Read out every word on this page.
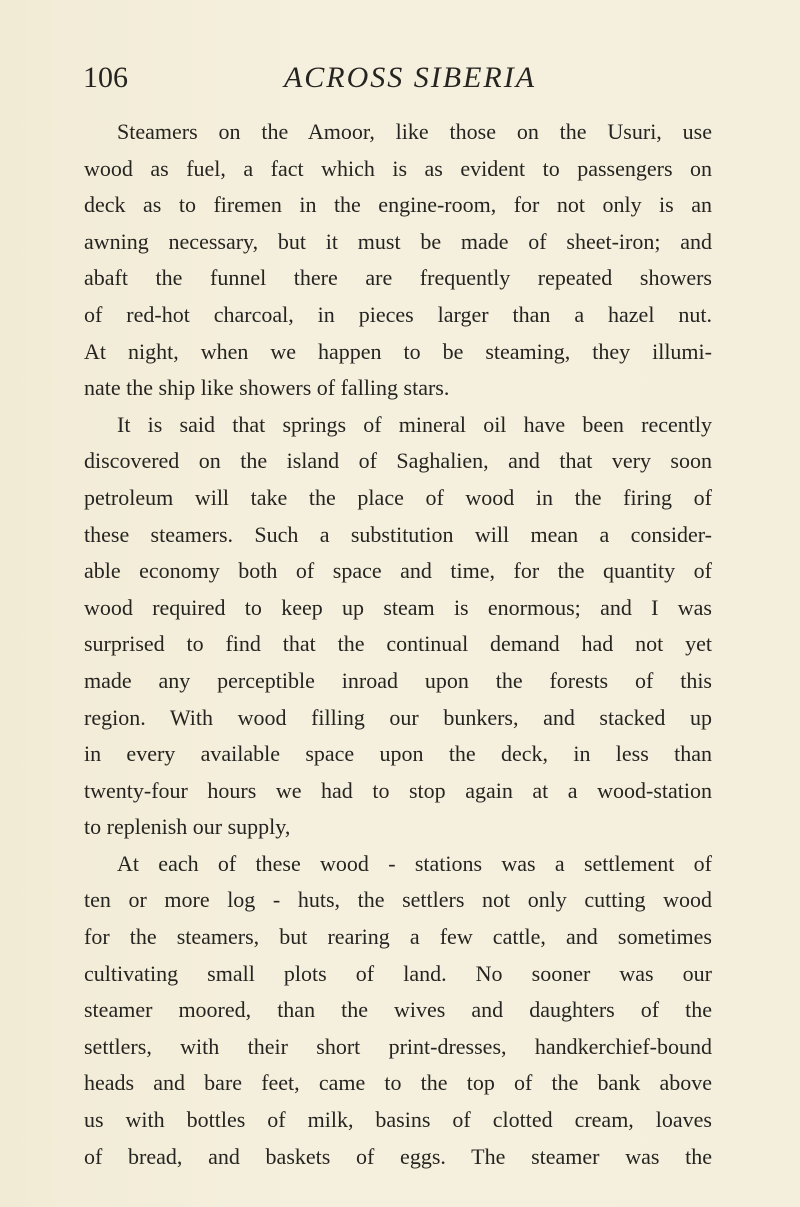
106	ACROSS SIBERIA
Steamers on the Amoor, like those on the Usuri, use
wood as fuel, a fact which is as evident to passengers on
deck as to firemen in the engine-room, for not only is an
awning necessary, but it must be made of sheet-iron; and
abaft the funnel there are frequently repeated showers
of red-hot charcoal, in pieces larger than a hazel nut.
At night, when we happen to be steaming, they illumi-
nate the ship like showers of falling stars.
It is said that springs of mineral oil have been recently
discovered on the island of Saghalien, and that very soon
petroleum will take the place of wood in the firing of
these steamers. Such a substitution will mean a consider-
able economy both of space and time, for the quantity of
wood required to keep up steam is enormous; and I was
surprised to find that the continual demand had not yet
made any perceptible inroad upon the forests of this
region. With wood filling our bunkers, and stacked up
in every available space upon the deck, in less than
twenty-four hours we had to stop again at a wood-station
to replenish our supply,
At each of these wood - stations was a settlement of
ten or more log - huts, the settlers not only cutting wood
for the steamers, but rearing a few cattle, and sometimes
cultivating small plots of land. No sooner was our
steamer moored, than the wives and daughters of the
settlers, with their short print-dresses, handkerchief-bound
heads and bare feet, came to the top of the bank above
us with bottles of milk, basins of clotted cream, loaves
of bread, and baskets of eggs. The steamer was the
